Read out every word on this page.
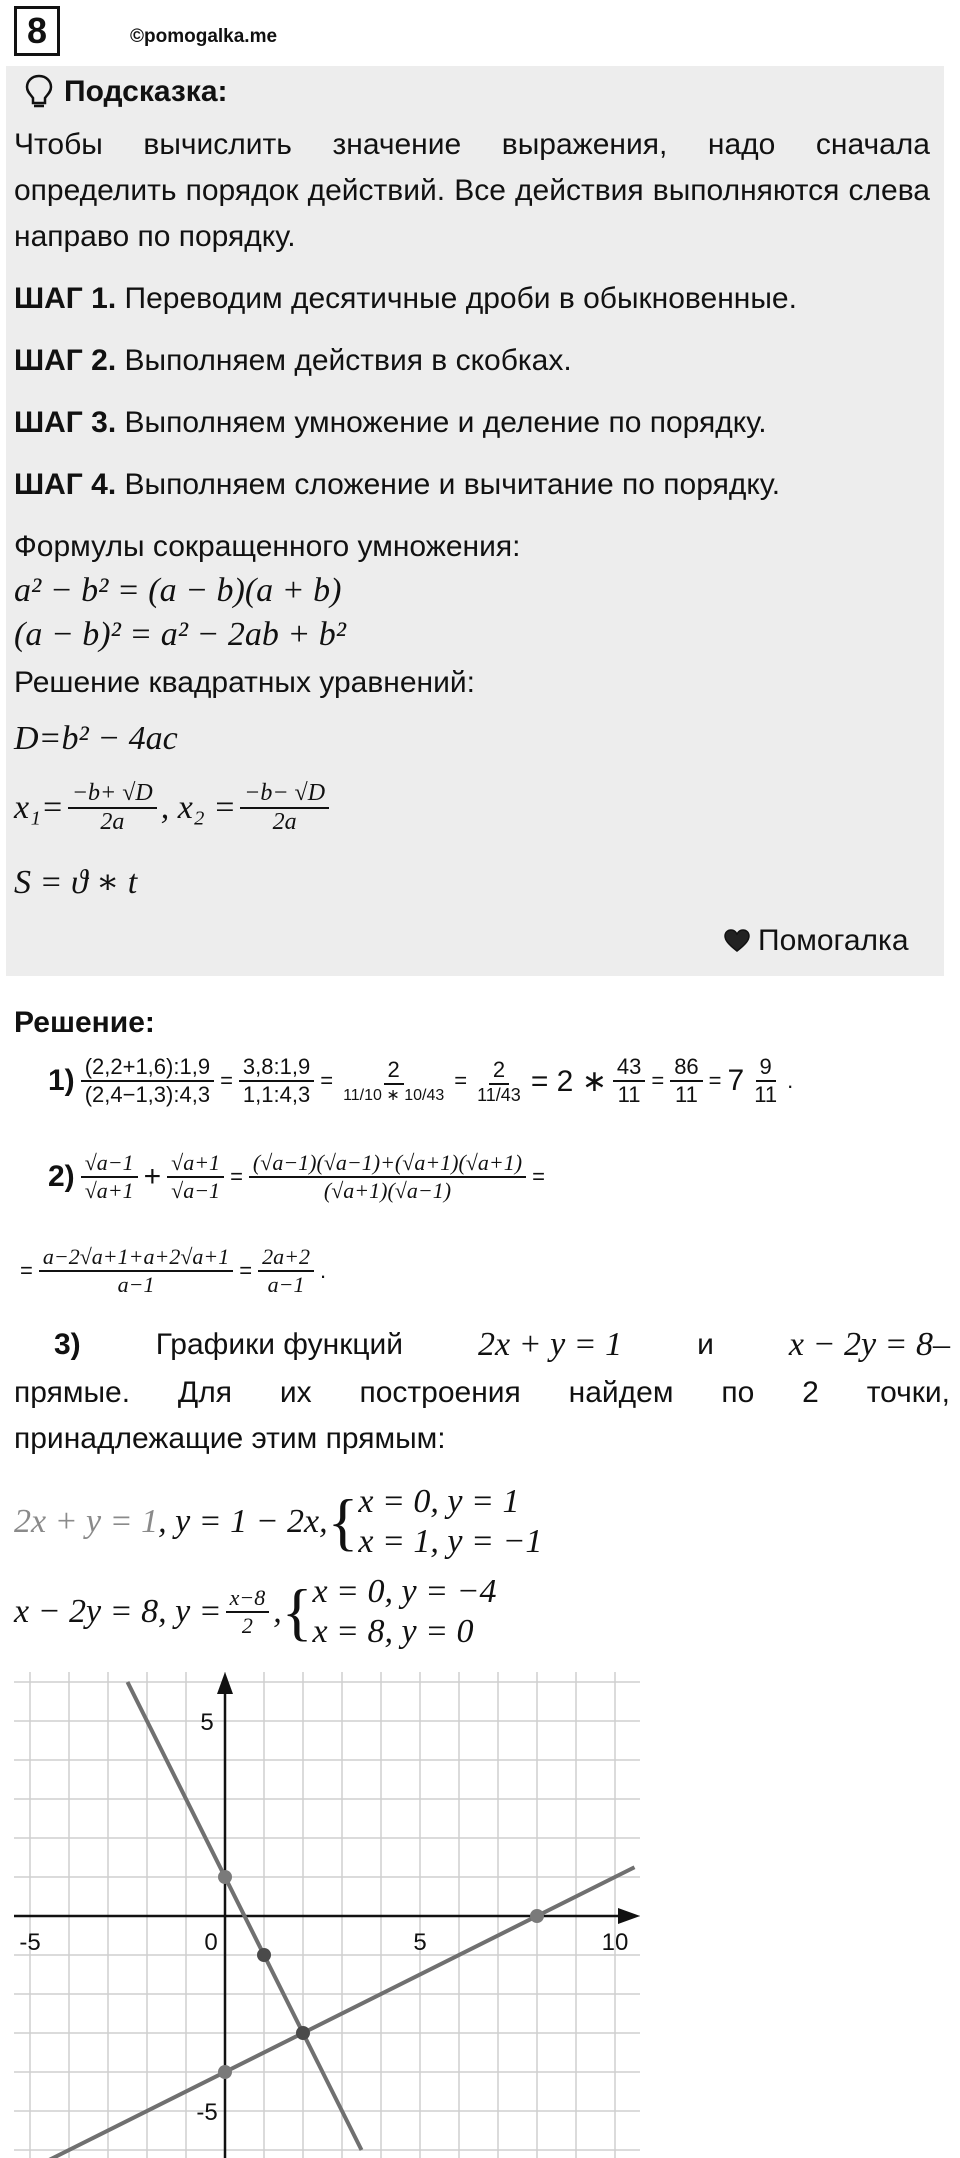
8	©pomogalka.me
Подсказка:
Чтобы вычислить значение выражения, надо сначала определить порядок действий. Все действия выполняются слева направо по порядку.
ШАГ 1. Переводим десятичные дроби в обыкновенные.
ШАГ 2. Выполняем действия в скобках.
ШАГ 3. Выполняем умножение и деление по порядку.
ШАГ 4. Выполняем сложение и вычитание по порядку.
Формулы сокращенного умножения:
a² − b² = (a − b)(a + b)
(a − b)² = a² − 2ab + b²
Решение квадратных уравнений:
D=b² − 4ac
$x_1= \frac{-b+ √D}{2a}$ , $x_2 = \frac{-b- √D}{2a}$
S = ϑ ∗ t
Помогалка
Решение:
$1) \frac{(2,2+1,6):1,9}{(2,4-1,3):4,3} = \frac{3,8:1,9}{1,1:4,3} = \frac{2}{11/10 ∗ 10/43} = \frac{2}{11/43} = 2$ ∗ $\frac{43}{11} = \frac{86}{11} = 7 \frac{9}{11}$ .
$2) \frac{√a-1}{√a+1} + \frac{√a+1}{√a-1} = \frac{(√a-1)(√a-1)+(√a+1)(√a+1)}{(√a+1)(√a-1)}$ =
= $\frac{a-2√a+1+a+2√a+1}{a-1} = \frac{2a+2}{a-1}$ .
3)	Графики функций 2x + y = 1	и x − 2y = 8–
прямые. Для их построения найдем по 2 точки,
принадлежащие этим прямым:
2x + y = 1 , y = 1 − 2x, { x = 0, y = 1
x = 1, y = −1
x − 2y = 8, $y = \frac{x-8}{2}$ , { x = 0, y = −4
x = 8, y = 0
-5	0	5	10
5
-5
